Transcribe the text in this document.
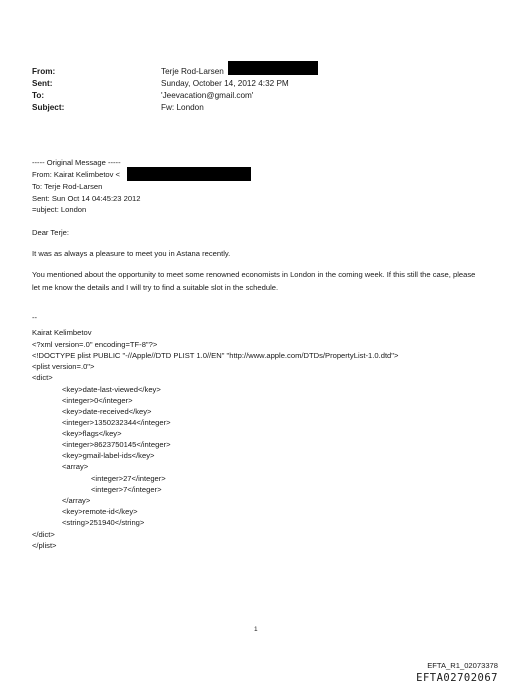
From:	Terje Rod-Larsen
Sent:	Sunday, October 14, 2012 4:32 PM
To:	'Jeevacation@gmail.com'
Subject:	Fw: London
----- Original Message -----
From: Kairat Kelimbetov <
To: Terje Rod-Larsen
Sent: Sun Oct 14 04:45:23 2012
=ubject: London
Dear Terje:
It was as always a pleasure to meet you in Astana recently.
You mentioned about the opportunity to meet some renowned economists in London in the coming week. If this still the case, please let me know the details and I will try to find a suitable slot in the schedule.
--
Kairat Kelimbetov
<?xml version=.0" encoding=TF-8"?>
<!DOCTYPE plist PUBLIC "-//Apple//DTD PLIST 1.0//EN" "http://www.apple.com/DTDs/PropertyList-1.0.dtd">
<plist version=.0">
<dict>
<key>date-last-viewed</key>
<integer>0</integer>
<key>date-received</key>
<integer>1350232344</integer>
<key>flags</key>
<integer>8623750145</integer>
<key>gmail-label-ids</key>
<array>
<integer>27</integer>
<integer>7</integer>
</array>
<key>remote-id</key>
<string>251940</string>
</dict>
</plist>
1
EFTA_R1_02073378
EFTA02702067
